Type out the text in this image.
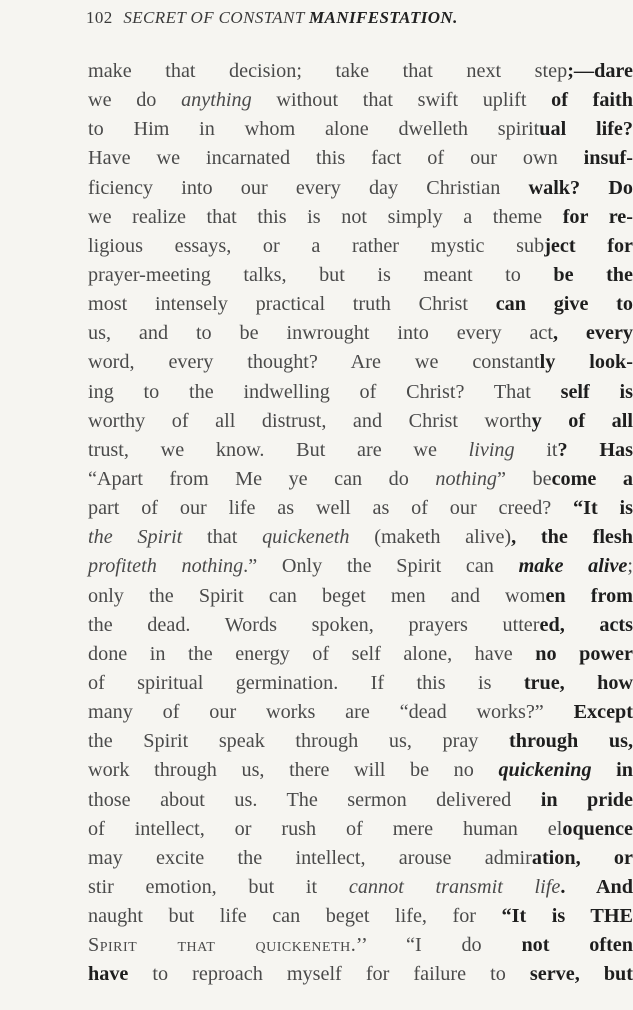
102 SECRET OF CONSTANT MANIFESTATION.
make that decision; take that next step;—dare
we do anything without that swift uplift of faith
to Him in whom alone dwelleth spiritual life?
Have we incarnated this fact of our own insuf-
ficiency into our every day Christian walk? Do
we realize that this is not simply a theme for re-
ligious essays, or a rather mystic subject for
prayer-meeting talks, but is meant to be the
most intensely practical truth Christ can give to
us, and to be inwrought into every act, every
word, every thought? Are we constantly look-
ing to the indwelling of Christ? That self is
worthy of all distrust, and Christ worthy of all
trust, we know. But are we living it? Has
“Apart from Me ye can do nothing” become a
part of our life as well as of our creed? “It is
the Spirit that quickeneth (maketh alive), the flesh
profiteth nothing.” Only the Spirit can make alive;
only the Spirit can beget men and women from
the dead. Words spoken, prayers uttered, acts
done in the energy of self alone, have no power
of spiritual germination. If this is true, how
many of our works are “dead works?” Except
the Spirit speak through us, pray through us,
work through us, there will be no quickening in
those about us. The sermon delivered in pride
of intellect, or rush of mere human eloquence
may excite the intellect, arouse admiration, or
stir emotion, but it cannot transmit life. And
naught but life can beget life, for “It is THE
Spirit that quickeneth.’’ “I do not often
have to reproach myself for failure to serve, but
